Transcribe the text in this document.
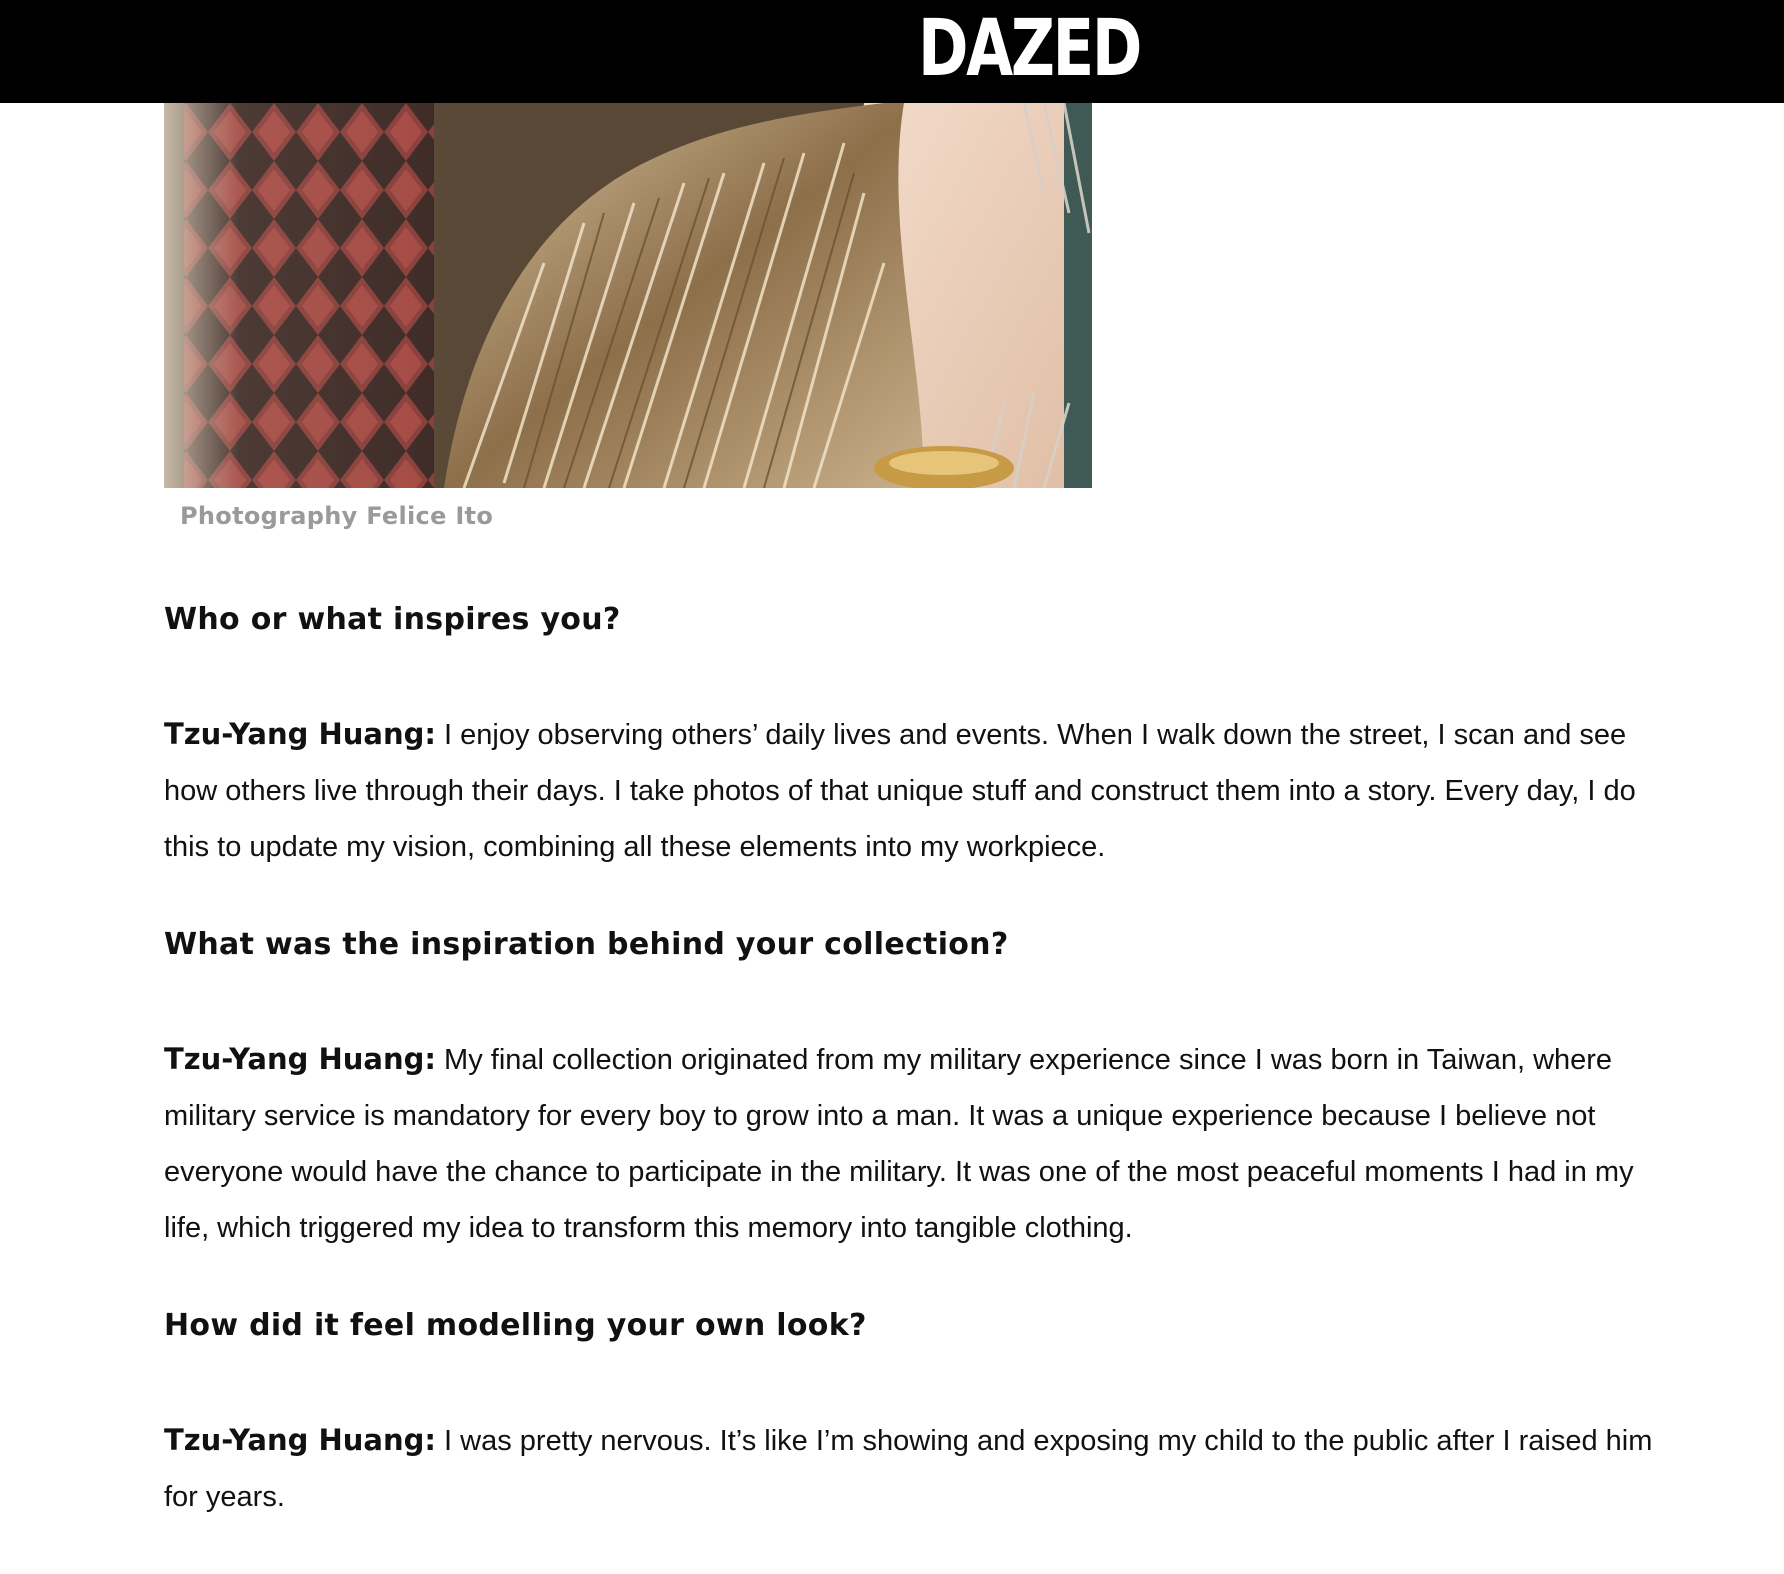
DAZED
Photography Felice Ito
Who or what inspires you?

Tzu-Yang Huang: I enjoy observing others’ daily lives and events. When I walk down the street, I scan and see how others live through their days. I take photos of that unique stuff and construct them into a story. Every day, I do this to update my vision, combining all these elements into my workpiece.

What was the inspiration behind your collection?

Tzu-Yang Huang: My final collection originated from my military experience since I was born in Taiwan, where military service is mandatory for every boy to grow into a man. It was a unique experience because I believe not everyone would have the chance to participate in the military. It was one of the most peaceful moments I had in my life, which triggered my idea to transform this memory into tangible clothing.

How did it feel modelling your own look?

Tzu-Yang Huang: I was pretty nervous. It’s like I’m showing and exposing my child to the public after I raised him for years.
